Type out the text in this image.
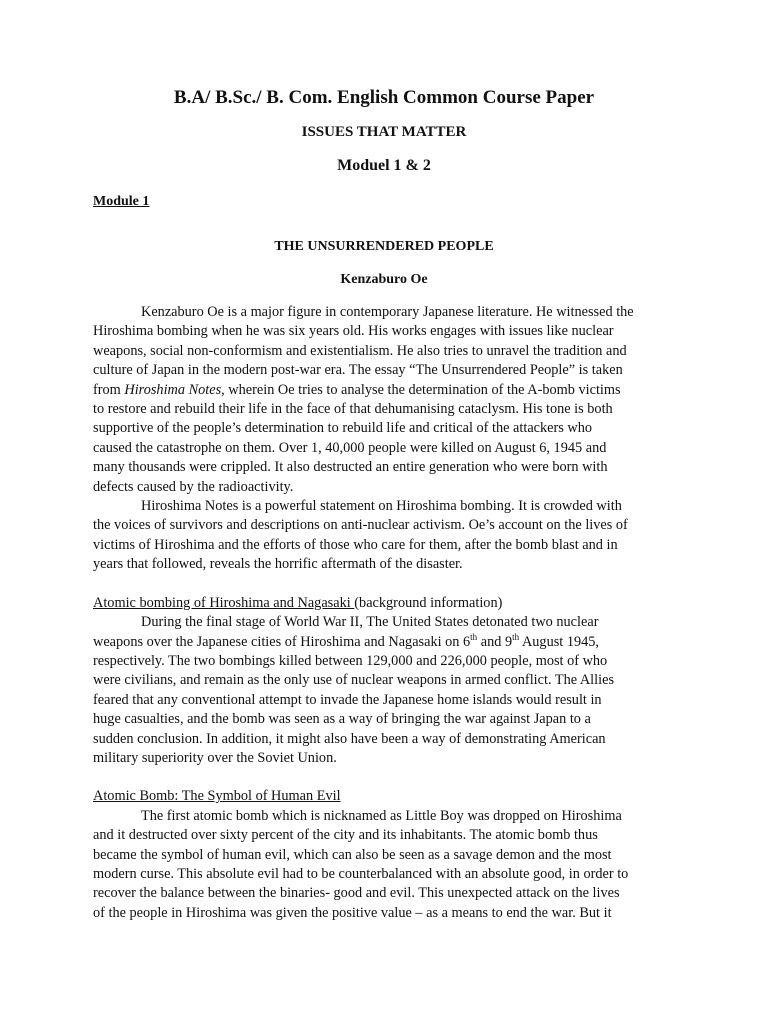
B.A/ B.Sc./ B. Com. English Common Course Paper
ISSUES THAT MATTER
Moduel 1 & 2
Module 1
THE UNSURRENDERED PEOPLE
Kenzaburo Oe
Kenzaburo Oe is a major figure in contemporary Japanese literature. He witnessed the
Hiroshima bombing when he was six years old. His works engages with issues like nuclear
weapons, social non-conformism and existentialism. He also tries to unravel the tradition and
culture of Japan in the modern post-war era. The essay “The Unsurrendered People” is taken
from Hiroshima Notes, wherein Oe tries to analyse the determination of the A-bomb victims
to restore and rebuild their life in the face of that dehumanising cataclysm. His tone is both
supportive of the people’s determination to rebuild life and critical of the attackers who
caused the catastrophe on them. Over 1, 40,000 people were killed on August 6, 1945 and
many thousands were crippled. It also destructed an entire generation who were born with
defects caused by the radioactivity.
Hiroshima Notes is a powerful statement on Hiroshima bombing. It is crowded with
the voices of survivors and descriptions on anti-nuclear activism. Oe’s account on the lives of
victims of Hiroshima and the efforts of those who care for them, after the bomb blast and in
years that followed, reveals the horrific aftermath of the disaster.
Atomic bombing of Hiroshima and Nagasaki (background information)
During the final stage of World War II, The United States detonated two nuclear
weapons over the Japanese cities of Hiroshima and Nagasaki on 6th and 9th August 1945,
respectively. The two bombings killed between 129,000 and 226,000 people, most of who
were civilians, and remain as the only use of nuclear weapons in armed conflict. The Allies
feared that any conventional attempt to invade the Japanese home islands would result in
huge casualties, and the bomb was seen as a way of bringing the war against Japan to a
sudden conclusion. In addition, it might also have been a way of demonstrating American
military superiority over the Soviet Union.
Atomic Bomb: The Symbol of Human Evil
The first atomic bomb which is nicknamed as Little Boy was dropped on Hiroshima
and it destructed over sixty percent of the city and its inhabitants. The atomic bomb thus
became the symbol of human evil, which can also be seen as a savage demon and the most
modern curse. This absolute evil had to be counterbalanced with an absolute good, in order to
recover the balance between the binaries- good and evil. This unexpected attack on the lives
of the people in Hiroshima was given the positive value – as a means to end the war. But it
